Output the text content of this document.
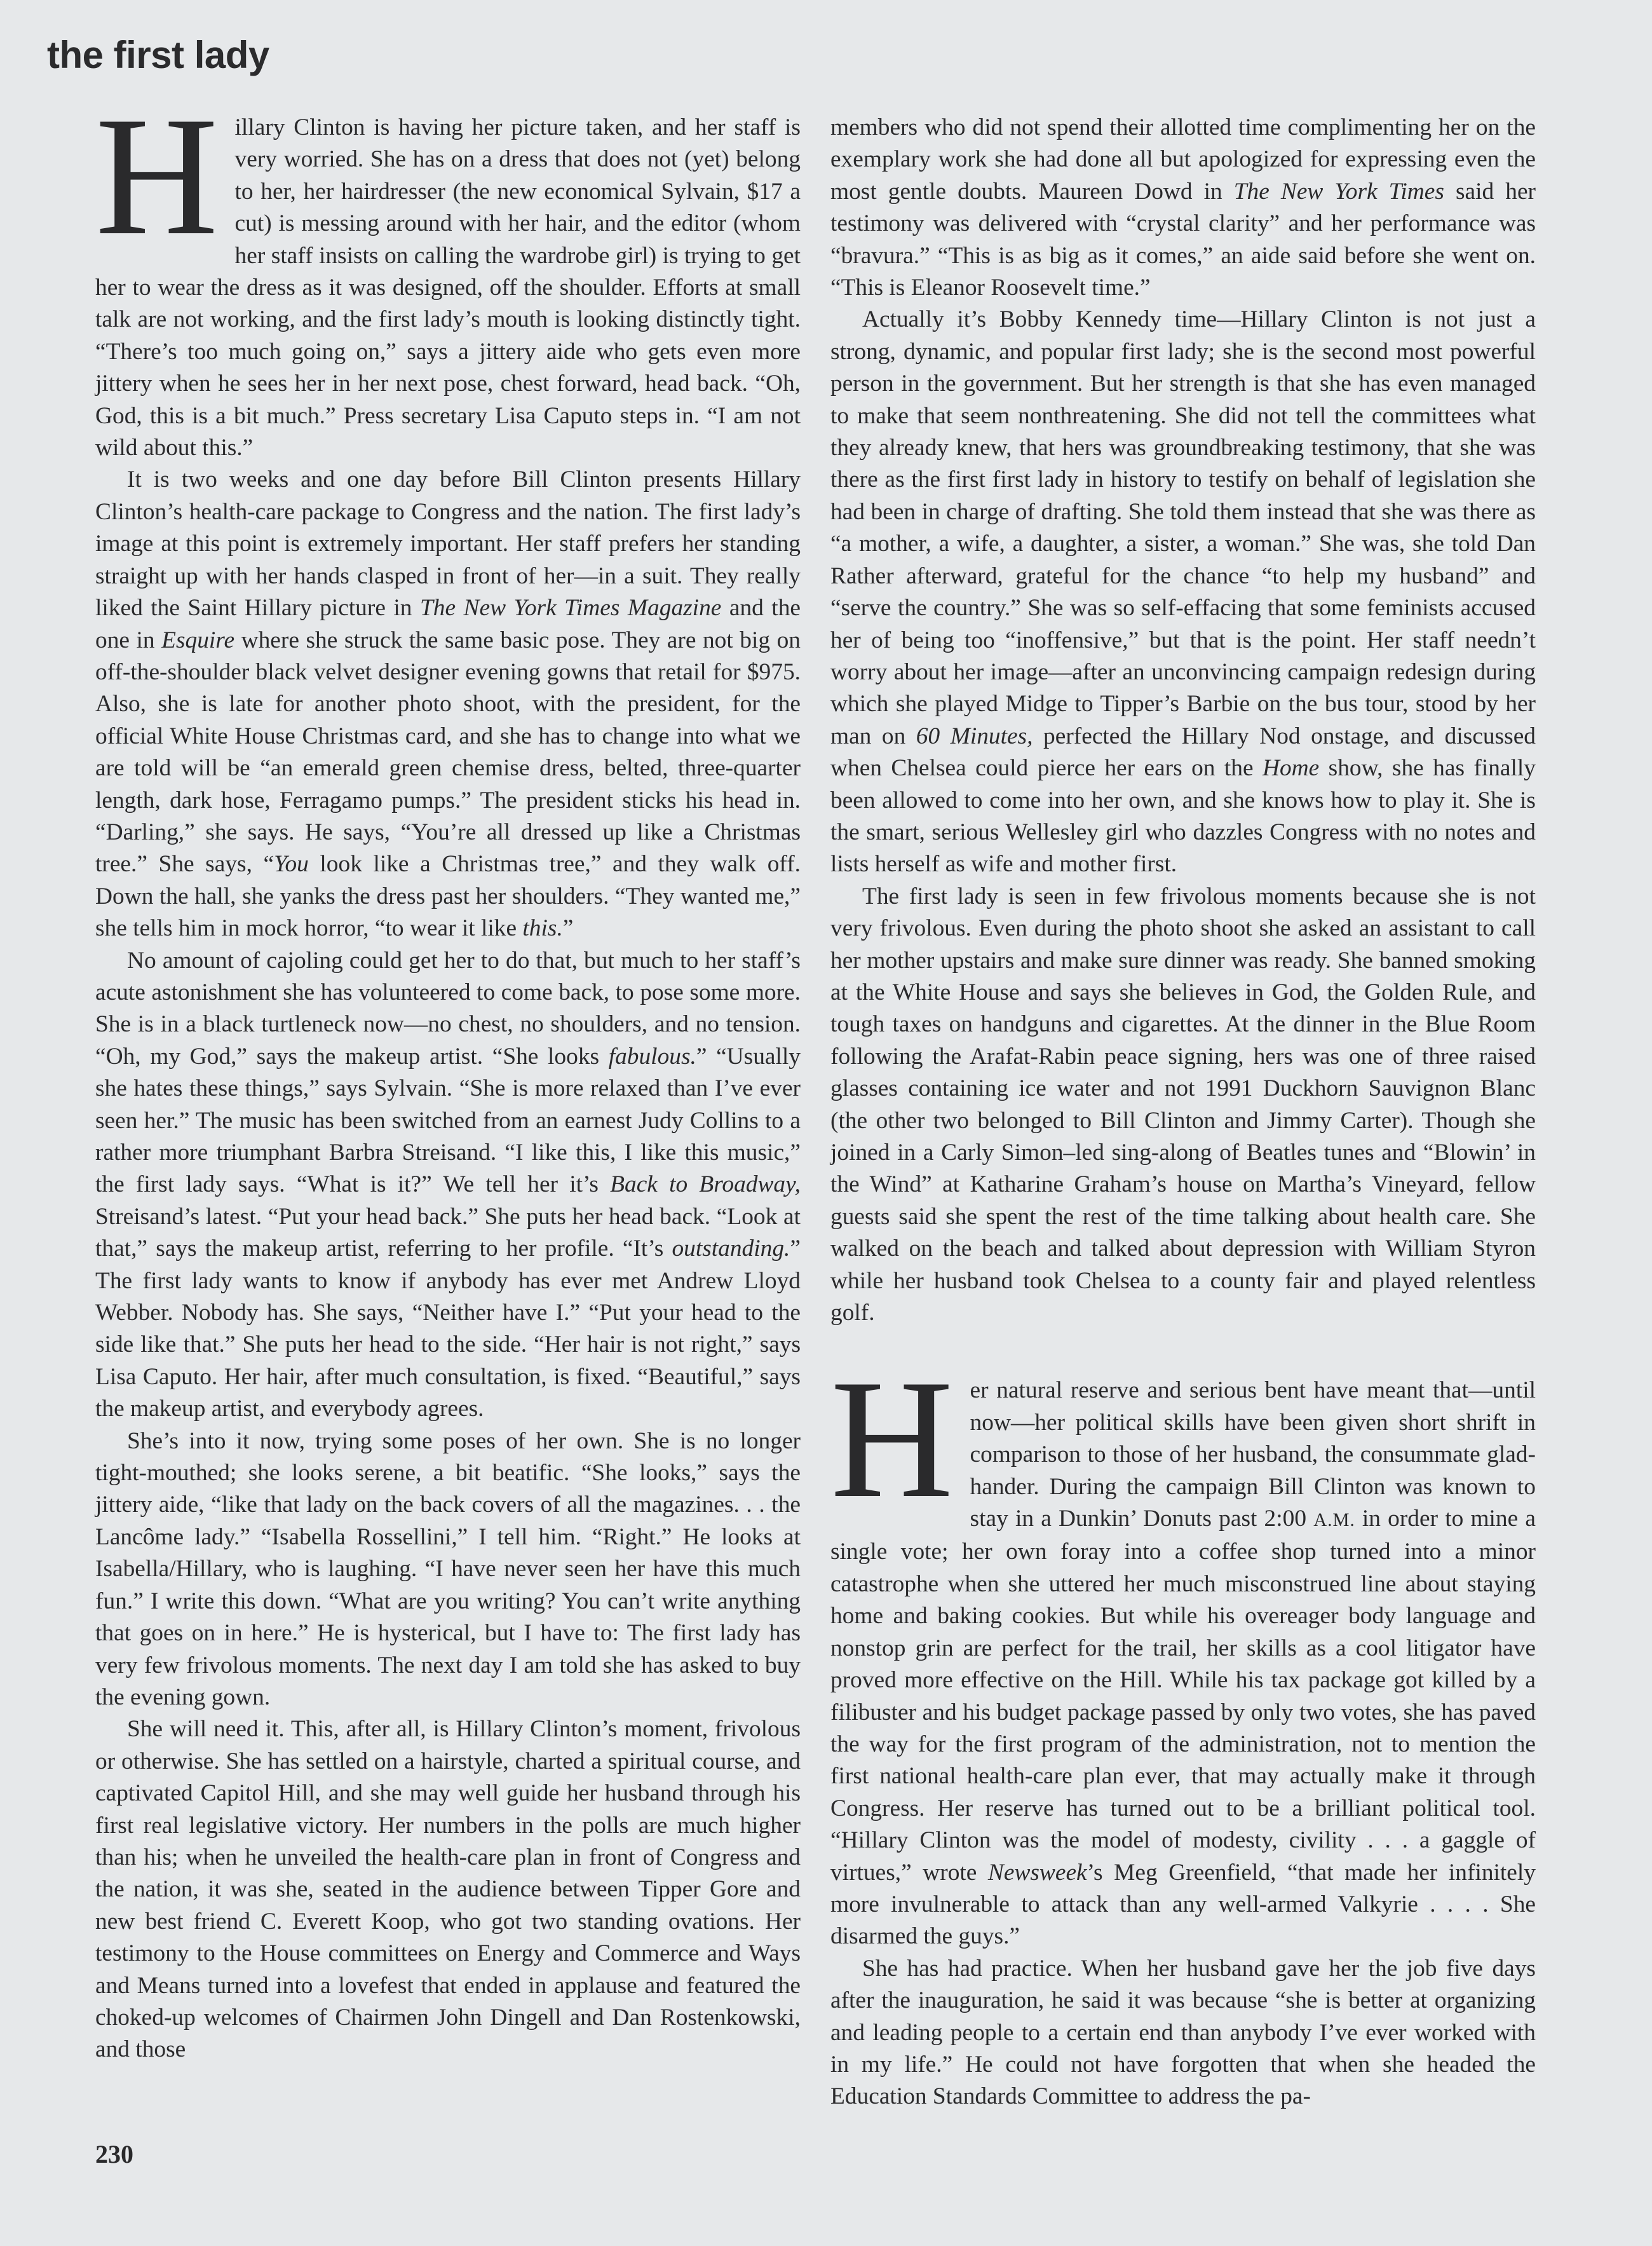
the first lady

Hillary Clinton is having her picture taken, and her staff is very worried. She has on a dress that does not (yet) belong to her, her hairdresser (the new economical Sylvain, $17 a cut) is messing around with her hair, and the editor (whom her staff insists on calling the wardrobe girl) is trying to get her to wear the dress as it was designed, off the shoulder. Efforts at small talk are not working, and the first lady’s mouth is looking distinctly tight. “There’s too much going on,” says a jittery aide who gets even more jittery when he sees her in her next pose, chest forward, head back. “Oh, God, this is a bit much.” Press secretary Lisa Caputo steps in. “I am not wild about this.”

It is two weeks and one day before Bill Clinton presents Hillary Clinton’s health-care package to Congress and the nation. The first lady’s image at this point is extremely important. Her staff prefers her standing straight up with her hands clasped in front of her—in a suit. They really liked the Saint Hillary picture in The New York Times Magazine and the one in Esquire where she struck the same basic pose. They are not big on off-the-shoulder black velvet designer evening gowns that retail for $975. Also, she is late for another photo shoot, with the president, for the official White House Christmas card, and she has to change into what we are told will be “an emerald green chemise dress, belted, three-quarter length, dark hose, Ferragamo pumps.” The president sticks his head in. “Darling,” she says. He says, “You’re all dressed up like a Christmas tree.” She says, “You look like a Christmas tree,” and they walk off. Down the hall, she yanks the dress past her shoulders. “They wanted me,” she tells him in mock horror, “to wear it like this.”

No amount of cajoling could get her to do that, but much to her staff’s acute astonishment she has volunteered to come back, to pose some more. She is in a black turtleneck now—no chest, no shoulders, and no tension. “Oh, my God,” says the makeup artist. “She looks fabulous.” “Usually she hates these things,” says Sylvain. “She is more relaxed than I’ve ever seen her.” The music has been switched from an earnest Judy Collins to a rather more triumphant Barbra Streisand. “I like this, I like this music,” the first lady says. “What is it?” We tell her it’s Back to Broadway, Streisand’s latest. “Put your head back.” She puts her head back. “Look at that,” says the makeup artist, referring to her profile. “It’s outstanding.” The first lady wants to know if anybody has ever met Andrew Lloyd Webber. Nobody has. She says, “Neither have I.” “Put your head to the side like that.” She puts her head to the side. “Her hair is not right,” says Lisa Caputo. Her hair, after much consultation, is fixed. “Beautiful,” says the makeup artist, and everybody agrees.

She’s into it now, trying some poses of her own. She is no longer tight-mouthed; she looks serene, a bit beatific. “She looks,” says the jittery aide, “like that lady on the back covers of all the magazines. . . the Lancôme lady.” “Isabella Rossellini,” I tell him. “Right.” He looks at Isabella/Hillary, who is laughing. “I have never seen her have this much fun.” I write this down. “What are you writing? You can’t write anything that goes on in here.” He is hysterical, but I have to: The first lady has very few frivolous moments. The next day I am told she has asked to buy the evening gown.

She will need it. This, after all, is Hillary Clinton’s moment, frivolous or otherwise. She has settled on a hairstyle, charted a spiritual course, and captivated Capitol Hill, and she may well guide her husband through his first real legislative victory. Her numbers in the polls are much higher than his; when he unveiled the health-care plan in front of Congress and the nation, it was she, seated in the audience between Tipper Gore and new best friend C. Everett Koop, who got two standing ovations. Her testimony to the House committees on Energy and Commerce and Ways and Means turned into a lovefest that ended in applause and featured the choked-up welcomes of Chairmen John Dingell and Dan Rostenkowski, and those

members who did not spend their allotted time complimenting her on the exemplary work she had done all but apologized for expressing even the most gentle doubts. Maureen Dowd in The New York Times said her testimony was delivered with “crystal clarity” and her performance was “bravura.” “This is as big as it comes,” an aide said before she went on. “This is Eleanor Roosevelt time.”

Actually it’s Bobby Kennedy time—Hillary Clinton is not just a strong, dynamic, and popular first lady; she is the second most powerful person in the government. But her strength is that she has even managed to make that seem nonthreatening. She did not tell the committees what they already knew, that hers was groundbreaking testimony, that she was there as the first first lady in history to testify on behalf of legislation she had been in charge of drafting. She told them instead that she was there as “a mother, a wife, a daughter, a sister, a woman.” She was, she told Dan Rather afterward, grateful for the chance “to help my husband” and “serve the country.” She was so self-effacing that some feminists accused her of being too “inoffensive,” but that is the point. Her staff needn’t worry about her image—after an unconvincing campaign redesign during which she played Midge to Tipper’s Barbie on the bus tour, stood by her man on 60 Minutes, perfected the Hillary Nod onstage, and discussed when Chelsea could pierce her ears on the Home show, she has finally been allowed to come into her own, and she knows how to play it. She is the smart, serious Wellesley girl who dazzles Congress with no notes and lists herself as wife and mother first.

The first lady is seen in few frivolous moments because she is not very frivolous. Even during the photo shoot she asked an assistant to call her mother upstairs and make sure dinner was ready. She banned smoking at the White House and says she believes in God, the Golden Rule, and tough taxes on handguns and cigarettes. At the dinner in the Blue Room following the Arafat-Rabin peace signing, hers was one of three raised glasses containing ice water and not 1991 Duckhorn Sauvignon Blanc (the other two belonged to Bill Clinton and Jimmy Carter). Though she joined in a Carly Simon–led sing-along of Beatles tunes and “Blowin’ in the Wind” at Katharine Graham’s house on Martha’s Vineyard, fellow guests said she spent the rest of the time talking about health care. She walked on the beach and talked about depression with William Styron while her husband took Chelsea to a county fair and played relentless golf.

Her natural reserve and serious bent have meant that—until now—her political skills have been given short shrift in comparison to those of her husband, the consummate glad-hander. During the campaign Bill Clinton was known to stay in a Dunkin’ Donuts past 2:00 A.M. in order to mine a single vote; her own foray into a coffee shop turned into a minor catastrophe when she uttered her much misconstrued line about staying home and baking cookies. But while his overeager body language and nonstop grin are perfect for the trail, her skills as a cool litigator have proved more effective on the Hill. While his tax package got killed by a filibuster and his budget package passed by only two votes, she has paved the way for the first program of the administration, not to mention the first national health-care plan ever, that may actually make it through Congress. Her reserve has turned out to be a brilliant political tool. “Hillary Clinton was the model of modesty, civility . . . a gaggle of virtues,” wrote Newsweek’s Meg Greenfield, “that made her infinitely more invulnerable to attack than any well-armed Valkyrie . . . . She disarmed the guys.”

She has had practice. When her husband gave her the job five days after the inauguration, he said it was because “she is better at organizing and leading people to a certain end than anybody I’ve ever worked with in my life.” He could not have forgotten that when she headed the Education Standards Committee to address the pa-

230
